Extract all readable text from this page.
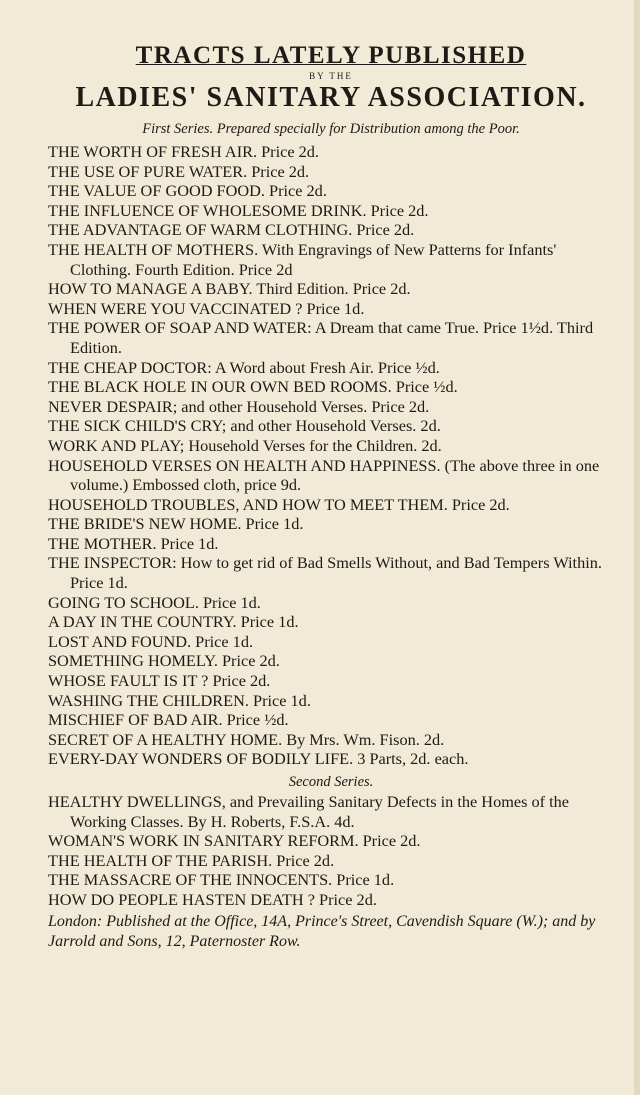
TRACTS LATELY PUBLISHED

BY THE

LADIES' SANITARY ASSOCIATION.

First Series. Prepared specially for Distribution among the Poor.

THE WORTH OF FRESH AIR. Price 2d.
THE USE OF PURE WATER. Price 2d.
THE VALUE OF GOOD FOOD. Price 2d.
THE INFLUENCE OF WHOLESOME DRINK. Price 2d.
THE ADVANTAGE OF WARM CLOTHING. Price 2d.
THE HEALTH OF MOTHERS. With Engravings of New Patterns for Infants' Clothing. Fourth Edition. Price 2d
HOW TO MANAGE A BABY. Third Edition. Price 2d.
WHEN WERE YOU VACCINATED ? Price 1d.
THE POWER OF SOAP AND WATER: A Dream that came True. Price 1½d. Third Edition.
THE CHEAP DOCTOR: A Word about Fresh Air. Price ½d.
THE BLACK HOLE IN OUR OWN BED ROOMS. Price ½d.
NEVER DESPAIR; and other Household Verses. Price 2d.
THE SICK CHILD'S CRY; and other Household Verses. 2d.
WORK AND PLAY; Household Verses for the Children. 2d.
HOUSEHOLD VERSES ON HEALTH AND HAPPINESS. (The above three in one volume.) Embossed cloth, price 9d.
HOUSEHOLD TROUBLES, AND HOW TO MEET THEM. Price 2d.
THE BRIDE'S NEW HOME. Price 1d.
THE MOTHER. Price 1d.
THE INSPECTOR: How to get rid of Bad Smells Without, and Bad Tempers Within. Price 1d.
GOING TO SCHOOL. Price 1d.
A DAY IN THE COUNTRY. Price 1d.
LOST AND FOUND. Price 1d.
SOMETHING HOMELY. Price 2d.
WHOSE FAULT IS IT ? Price 2d.
WASHING THE CHILDREN. Price 1d.
MISCHIEF OF BAD AIR. Price ½d.
SECRET OF A HEALTHY HOME. By Mrs. Wm. Fison. 2d.
EVERY-DAY WONDERS OF BODILY LIFE. 3 Parts, 2d. each.

Second Series.

HEALTHY DWELLINGS, and Prevailing Sanitary Defects in the Homes of the Working Classes. By H. Roberts, F.S.A. 4d.
WOMAN'S WORK IN SANITARY REFORM. Price 2d.
THE HEALTH OF THE PARISH. Price 2d.
THE MASSACRE OF THE INNOCENTS. Price 1d.
HOW DO PEOPLE HASTEN DEATH ? Price 2d.

London: Published at the Office, 14A, Prince's Street, Cavendish Square (W.); and by Jarrold and Sons, 12, Paternoster Row.
